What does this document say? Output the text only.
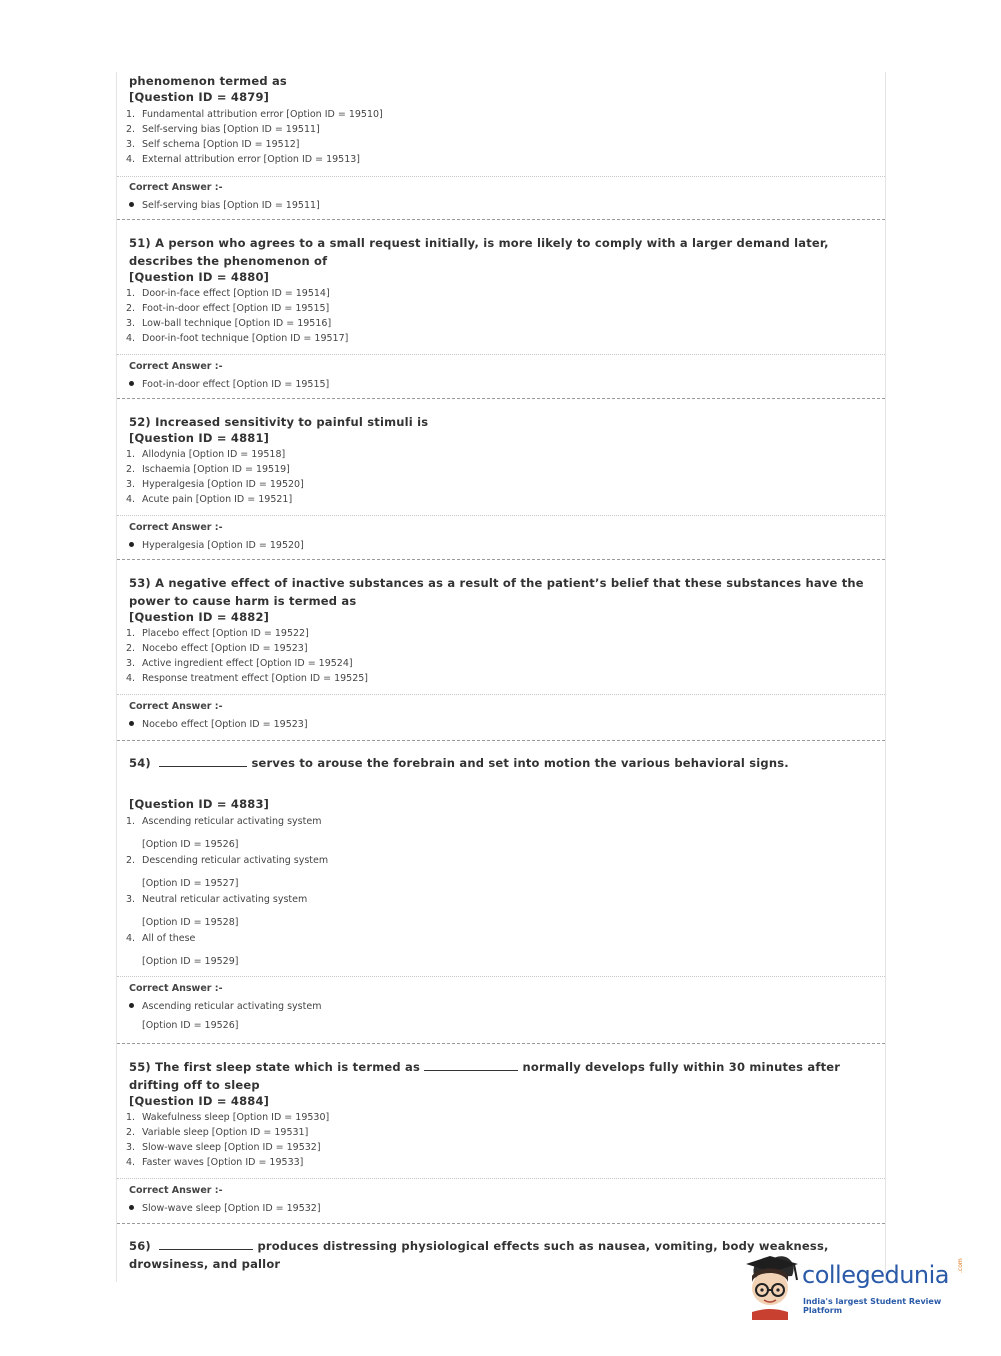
phenomenon termed as
[Question ID = 4879]
1. Fundamental attribution error [Option ID = 19510]
2. Self-serving bias [Option ID = 19511]
3. Self schema [Option ID = 19512]
4. External attribution error [Option ID = 19513]
Correct Answer :-
Self-serving bias [Option ID = 19511]
51) A person who agrees to a small request initially, is more likely to comply with a larger demand later, describes the phenomenon of
[Question ID = 4880]
1. Door-in-face effect [Option ID = 19514]
2. Foot-in-door effect [Option ID = 19515]
3. Low-ball technique [Option ID = 19516]
4. Door-in-foot technique [Option ID = 19517]
Correct Answer :-
Foot-in-door effect [Option ID = 19515]
52) Increased sensitivity to painful stimuli is
[Question ID = 4881]
1. Allodynia [Option ID = 19518]
2. Ischaemia [Option ID = 19519]
3. Hyperalgesia [Option ID = 19520]
4. Acute pain [Option ID = 19521]
Correct Answer :-
Hyperalgesia [Option ID = 19520]
53) A negative effect of inactive substances as a result of the patient’s belief that these substances have the power to cause harm is termed as
[Question ID = 4882]
1. Placebo effect [Option ID = 19522]
2. Nocebo effect [Option ID = 19523]
3. Active ingredient effect [Option ID = 19524]
4. Response treatment effect [Option ID = 19525]
Correct Answer :-
Nocebo effect [Option ID = 19523]
54)	serves to arouse the forebrain and set into motion the various behavioral signs.
[Question ID = 4883]
1. Ascending reticular activating system
[Option ID = 19526]
2. Descending reticular activating system
[Option ID = 19527]
3. Neutral reticular activating system
[Option ID = 19528]
4. All of these
[Option ID = 19529]
Correct Answer :-
Ascending reticular activating system
[Option ID = 19526]
55) The first sleep state which is termed as	normally develops fully within 30 minutes after drifting off to sleep
[Question ID = 4884]
1. Wakefulness sleep [Option ID = 19530]
2. Variable sleep [Option ID = 19531]
3. Slow-wave sleep [Option ID = 19532]
4. Faster waves [Option ID = 19533]
Correct Answer :-
Slow-wave sleep [Option ID = 19532]
56)	produces distressing physiological effects such as nausea, vomiting, body weakness, drowsiness, and pallor	collegedunia .com
India's largest Student Review Platform
